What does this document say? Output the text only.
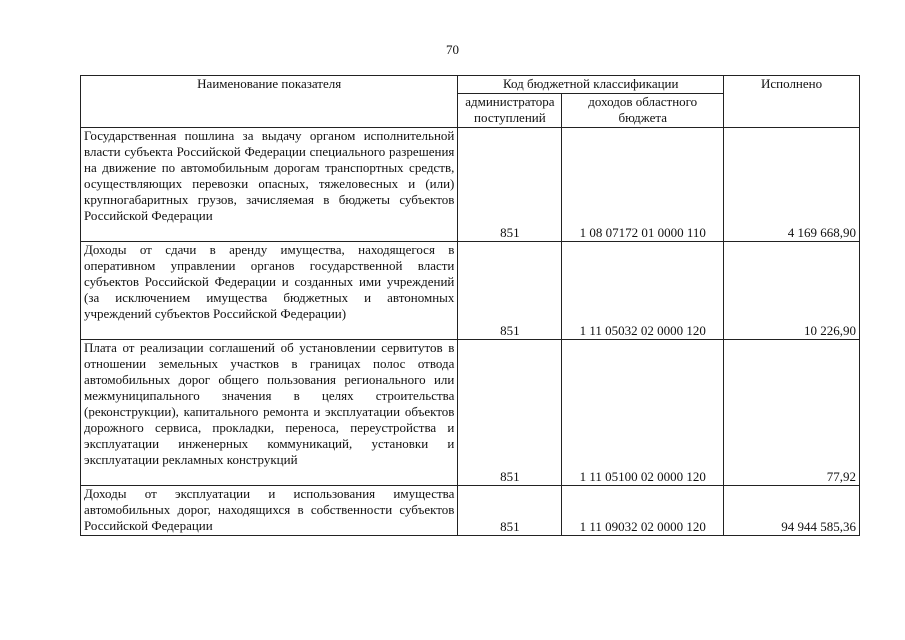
70
Наименование показателя	Код бюджетной классификации		Исполнено
	администратора поступлений	доходов областного бюджета	
Государственная пошлина за выдачу органом исполнительной власти субъекта Российской Федерации специального разрешения на движение по автомобильным дорогам транспортных средств, осуществляющих перевозки опасных, тяжеловесных и (или) крупногабаритных грузов, зачисляемая в бюджеты субъектов Российской Федерации	851	1 08 07172 01 0000 110	4 169 668,90
Доходы от сдачи в аренду имущества, находящегося в оперативном управлении органов государственной власти субъектов Российской Федерации и созданных ими учреждений (за исключением имущества бюджетных и автономных учреждений субъектов Российской Федерации)	851	1 11 05032 02 0000 120	10 226,90
Плата от реализации соглашений об установлении сервитутов в отношении земельных участков в границах полос отвода автомобильных дорог общего пользования регионального или межмуниципального значения в целях строительства (реконструкции), капитального ремонта и эксплуатации объектов дорожного сервиса, прокладки, переноса, переустройства и эксплуатации инженерных коммуникаций, установки и эксплуатации рекламных конструкций	851	1 11 05100 02 0000 120	77,92
Доходы от эксплуатации и использования имущества автомобильных дорог, находящихся в собственности субъектов Российской Федерации	851	1 11 09032 02 0000 120	94 944 585,36
